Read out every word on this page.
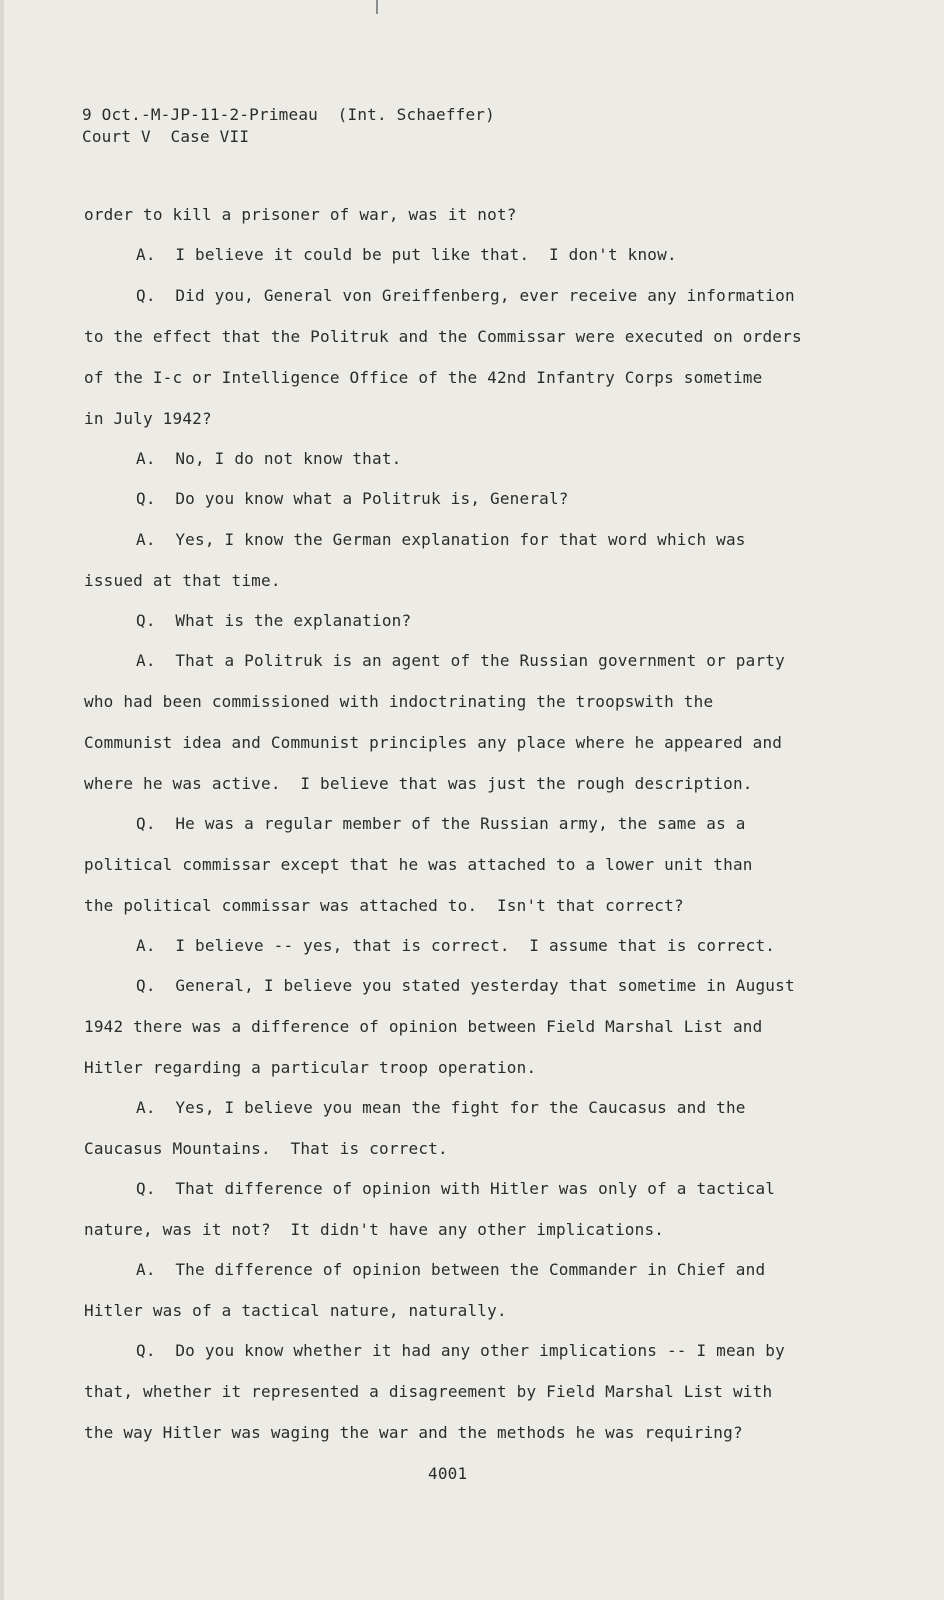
9 Oct.-M-JP-11-2-Primeau  (Int. Schaeffer)
Court V  Case VII
order to kill a prisoner of war, was it not?
A.  I believe it could be put like that.  I don't know.
Q.  Did you, General von Greiffenberg, ever receive any information
to the effect that the Politruk and the Commissar were executed on orders
of the I-c or Intelligence Office of the 42nd Infantry Corps sometime
in July 1942?
A.  No, I do not know that.
Q.  Do you know what a Politruk is, General?
A.  Yes, I know the German explanation for that word which was
issued at that time.
Q.  What is the explanation?
A.  That a Politruk is an agent of the Russian government or party
who had been commissioned with indoctrinating the troopswith the
Communist idea and Communist principles any place where he appeared and
where he was active.  I believe that was just the rough description.
Q.  He was a regular member of the Russian army, the same as a
political commissar except that he was attached to a lower unit than
the political commissar was attached to.  Isn't that correct?
A.  I believe -- yes, that is correct.  I assume that is correct.
Q.  General, I believe you stated yesterday that sometime in August
1942 there was a difference of opinion between Field Marshal List and
Hitler regarding a particular troop operation.
A.  Yes, I believe you mean the fight for the Caucasus and the
Caucasus Mountains.  That is correct.
Q.  That difference of opinion with Hitler was only of a tactical
nature, was it not?  It didn't have any other implications.
A.  The difference of opinion between the Commander in Chief and
Hitler was of a tactical nature, naturally.
Q.  Do you know whether it had any other implications -- I mean by
that, whether it represented a disagreement by Field Marshal List with
the way Hitler was waging the war and the methods he was requiring?
4001
